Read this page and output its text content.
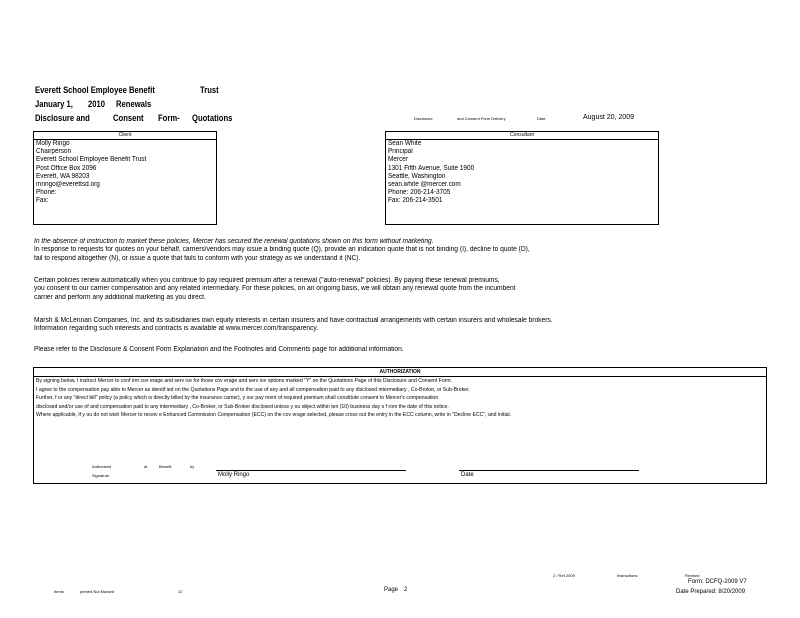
Everett School Employee Benefit	Trust
January 1, 2010 Renewals
Disclosure and	Consent Form- Quotations	Disclosure	and Consent Form Delivery	Date	August 20, 2009
Client
Molly Ringo
Chairperson
Everett School Employee Benefit Trust
Post Office Box 2096
Everett, WA 98203
mringo@everettsd.org
Phone:
Fax:
Consultant
Sean White
Principal
Mercer
1301 Fifth Avenue, Suite 1900
Seattle, Washington
sean.white @mercer.com
Phone: 206-214-3705
Fax: 206-214-3501
In the absence of instruction to market these policies, Mercer has secured the renewal quotations shown on this form without marketing.
In response to requests for quotes on your behalf, carriers/vendors may issue a binding quote (Q), provide an indication quote that is not binding (I), decline to quote (D),
fail to respond altogether (N), or issue a quote that fails to conform with your strategy as we understand it (NC).
Certain policies renew automatically when you continue to pay required premium after a renewal ("auto-renewal" policies). By paying these renewal premiums,
you consent to our carrier compensation and any related intermediary. For these policies, on an ongoing basis, we will obtain any renewal quote from the incumbent
carrier and perform any additional marketing as you direct.
Marsh & McLennan Companies, Inc. and its subsidiaries own equity interests in certain insurers and have contractual arrangements with certain insurers and wholesale brokers.
Information regarding such interests and contracts is available at www.mercer.com/transparency.
Please refer to the Disclosure & Consent Form Explanation and the Footnotes and Comments page for additional information.
AUTHORIZATION
By signing below, I instruct Mercer to conf irm cov erage and serv ice for those cov erage and serv ice options marked "Y" on the Quotations Page of this Disclosure and Consent Form.
I agree to the compensation pay able to Mercer as identif ied on the Quotations Page and to the use of any and all compensation paid to any disclosed intermediary , Co-Broker, or Sub-Broker.
Further, f or any "direct bill" policy (a policy which is directly billed by the insurance carrier), y our pay ment of required premium shall constitute consent to Mercer's compensation
disclosed and/or use of and compensation paid to any intermediary , Co-Broker, or Sub-Broker disclosed unless y ou object within ten (10) business day s f rom the date of this notice.
Where applicable, if y ou do not wish Mercer to receiv e Enhanced Commission Compensation (ECC) on the cov erage selected, please cross out the entry in the ECC column, write in "Decline ECC", and initial.
Authorized	at	Benefit	by
Signature	Molly Ringo	Date
Items	printed Not Marked	12	Page 2
2 / Ref 2009	Instructions	Revised
Form: DCFQ-2009 V7
Date Prepared: 8/20/2009
